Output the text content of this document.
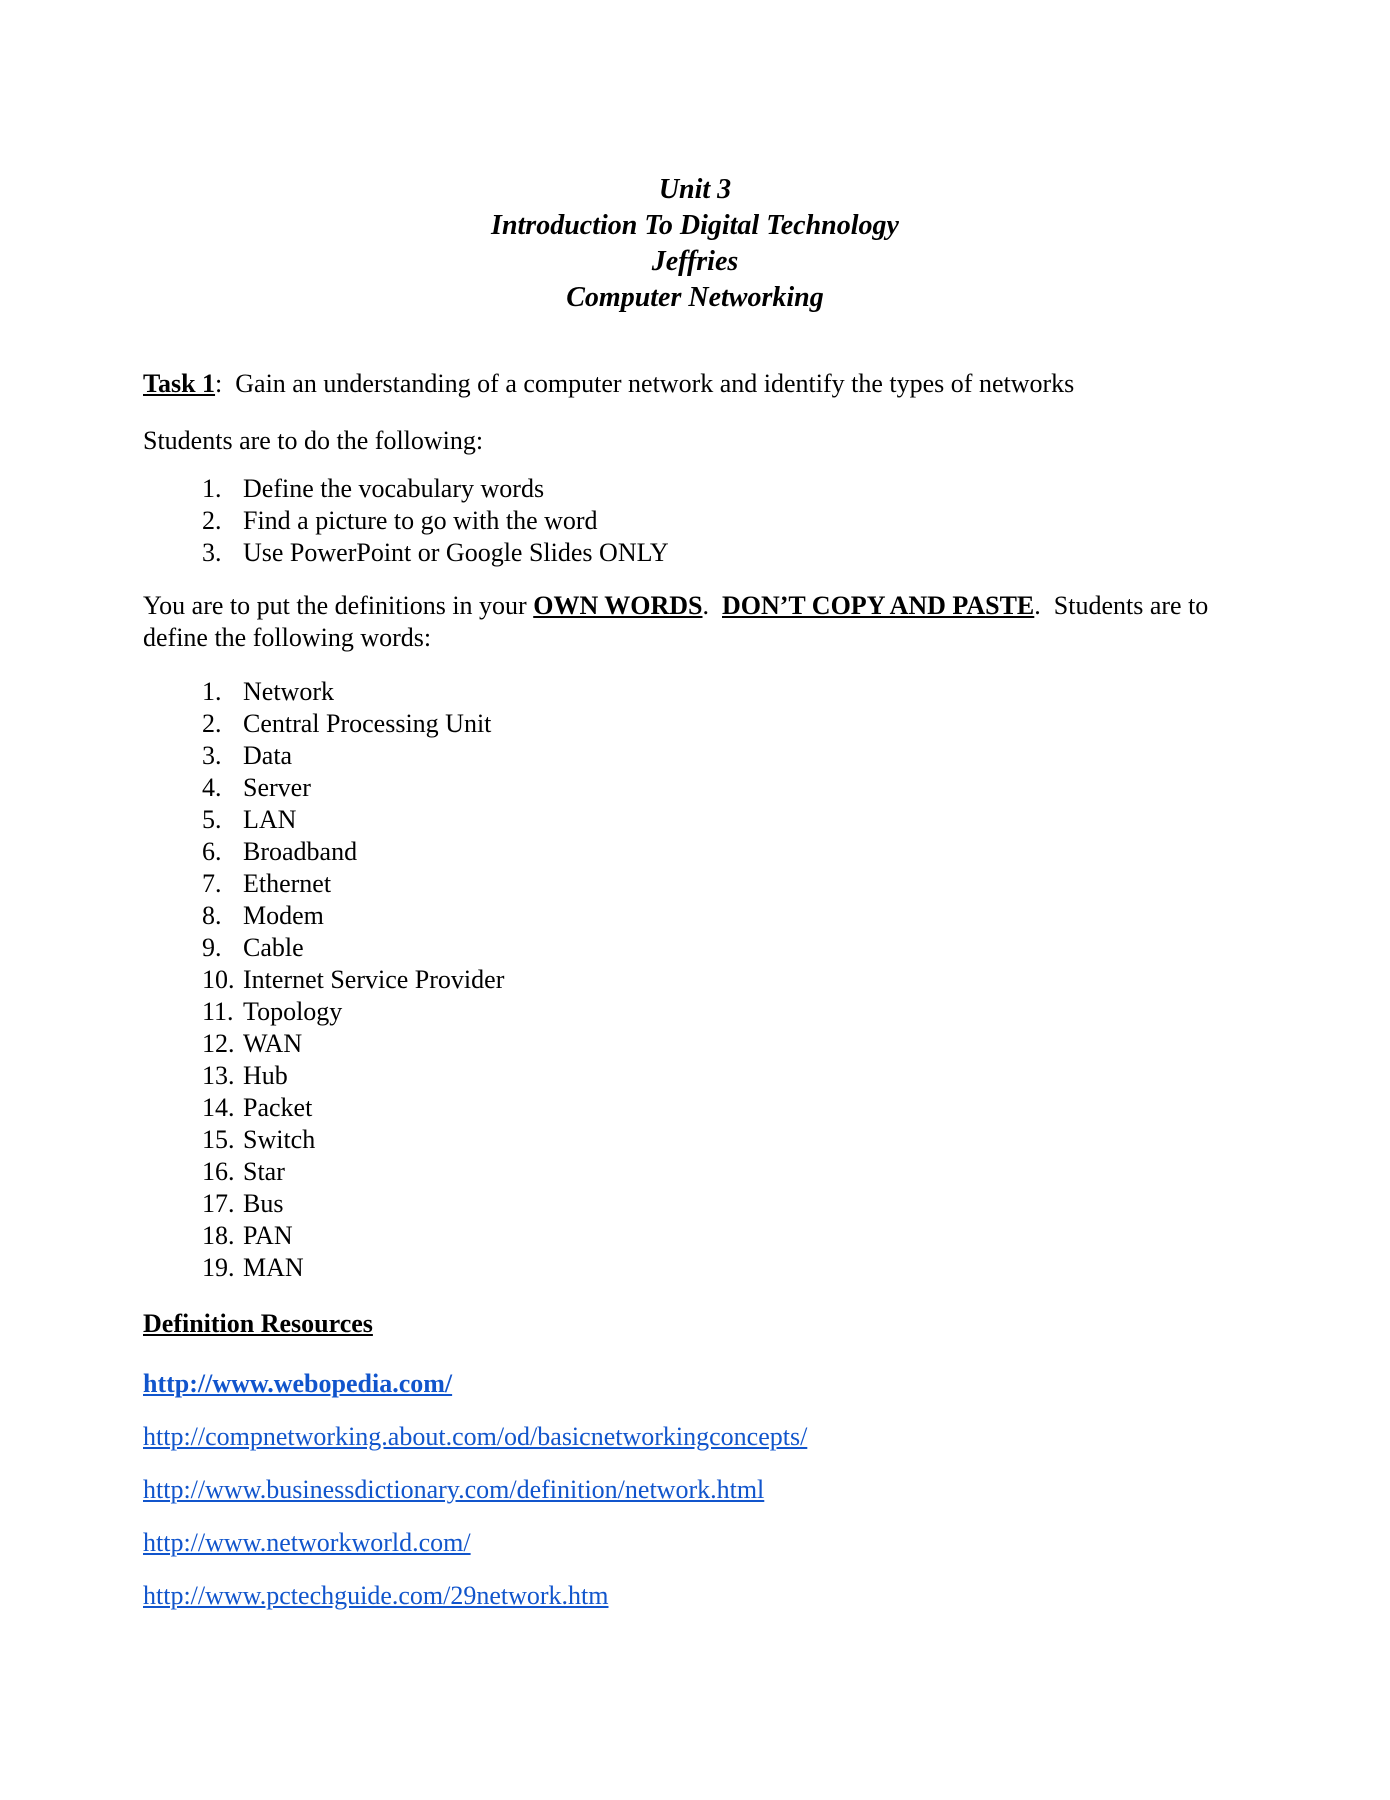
Unit 3
Introduction To Digital Technology
Jeffries
Computer Networking
Task 1:  Gain an understanding of a computer network and identify the types of networks
Students are to do the following:
1. Define the vocabulary words
2. Find a picture to go with the word
3. Use PowerPoint or Google Slides ONLY
You are to put the definitions in your OWN WORDS.  DON’T COPY AND PASTE.  Students are to
define the following words:
1. Network
2. Central Processing Unit
3. Data
4. Server
5. LAN
6. Broadband
7. Ethernet
8. Modem
9. Cable
10. Internet Service Provider
11. Topology
12. WAN
13. Hub
14. Packet
15. Switch
16. Star
17. Bus
18. PAN
19. MAN
Definition Resources
http://www.webopedia.com/
http://compnetworking.about.com/od/basicnetworkingconcepts/
http://www.businessdictionary.com/definition/network.html
http://www.networkworld.com/
http://www.pctechguide.com/29network.htm
